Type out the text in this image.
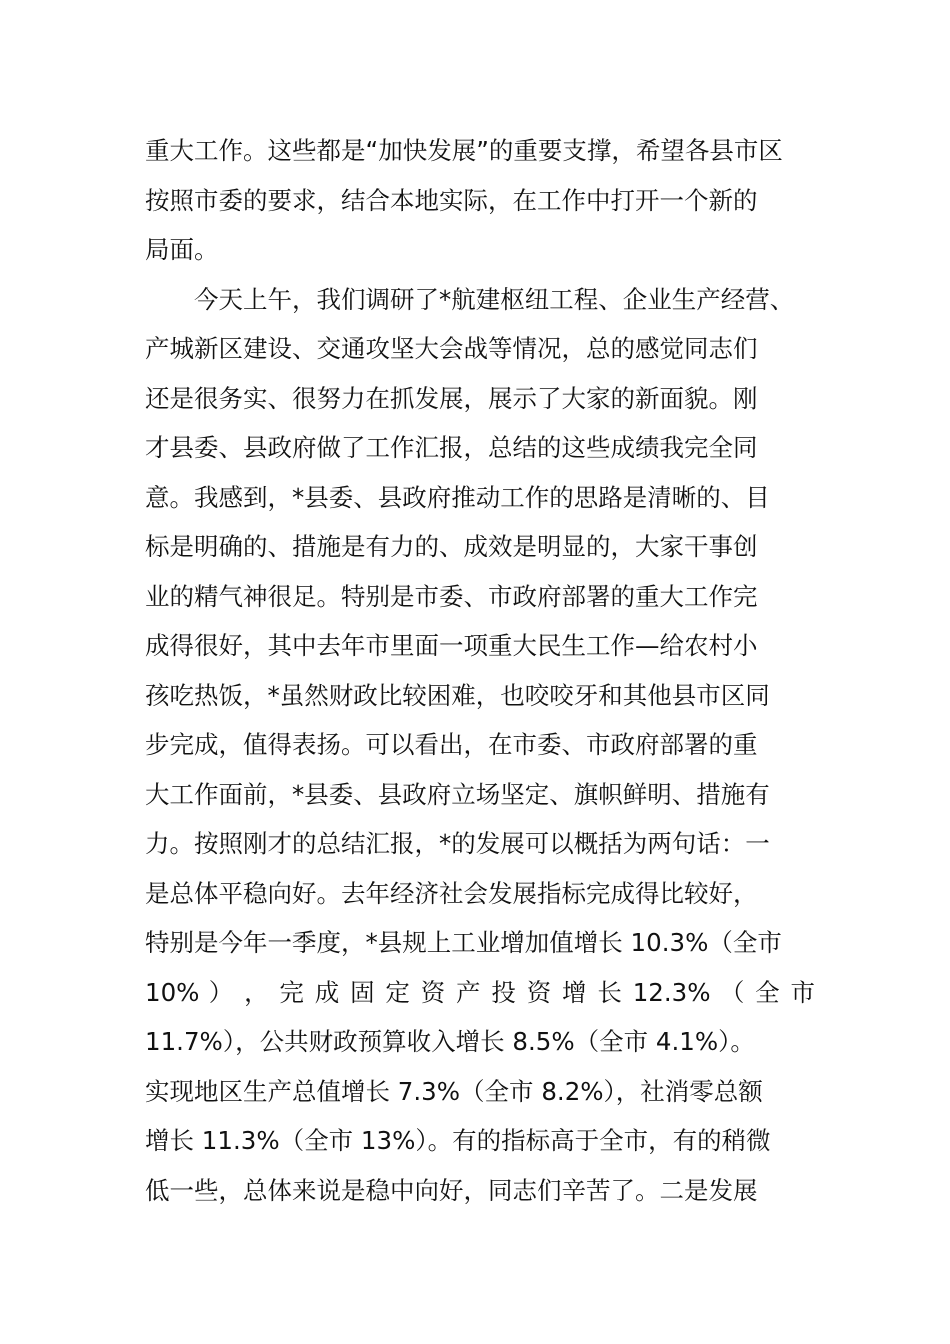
重大工作。这些都是“加快发展”的重要支撑，希望各县市区
按照市委的要求，结合本地实际，在工作中打开一个新的
局面。
今天上午，我们调研了*航建枢纽工程、企业生产经营、
产城新区建设、交通攻坚大会战等情况，总的感觉同志们
还是很务实、很努力在抓发展，展示了大家的新面貌。刚
才县委、县政府做了工作汇报，总结的这些成绩我完全同
意。我感到，*县委、县政府推动工作的思路是清晰的、目
标是明确的、措施是有力的、成效是明显的，大家干事创
业的精气神很足。特别是市委、市政府部署的重大工作完
成得很好，其中去年市里面一项重大民生工作—给农村小
孩吃热饭，*虽然财政比较困难，也咬咬牙和其他县市区同
步完成，值得表扬。可以看出，在市委、市政府部署的重
大工作面前，*县委、县政府立场坚定、旗帜鲜明、措施有
力。按照刚才的总结汇报，*的发展可以概括为两句话：一
是总体平稳向好。去年经济社会发展指标完成得比较好，
特别是今年一季度，*县规上工业增加值增长 10.3%（全市
10% ） ， 完 成 固 定 资 产 投 资 增 长 12.3% （ 全 市
11.7%），公共财政预算收入增长 8.5%（全市 4.1%）。
实现地区生产总值增长 7.3%（全市 8.2%），社消零总额
增长 11.3%（全市 13%）。有的指标高于全市，有的稍微
低一些，总体来说是稳中向好，同志们辛苦了。二是发展
